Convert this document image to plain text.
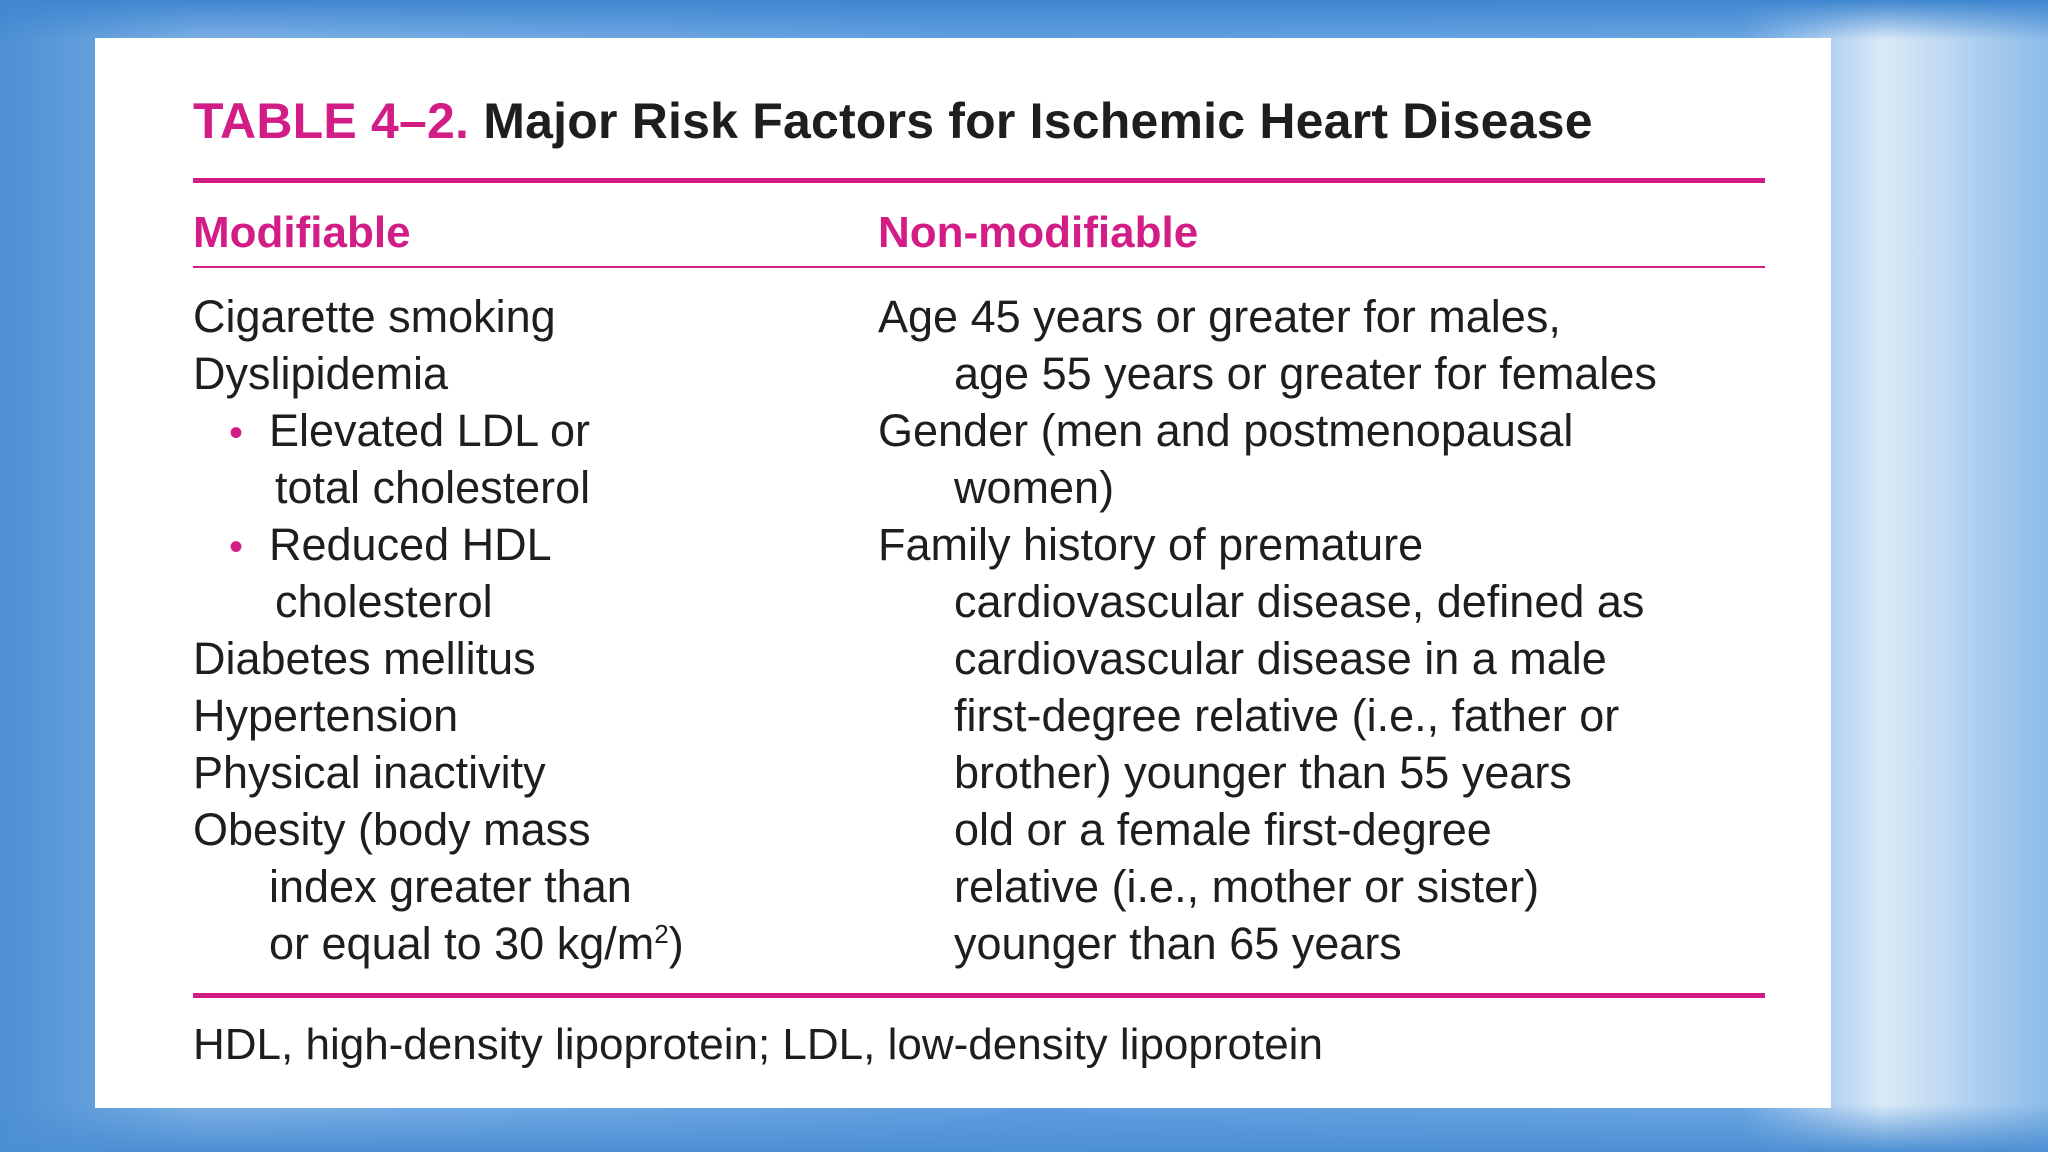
TABLE 4–2. Major Risk Factors for Ischemic Heart Disease
Modifiable	Non-modifiable
Cigarette smoking
Dyslipidemia
• Elevated LDL or
total cholesterol
• Reduced HDL
cholesterol
Diabetes mellitus
Hypertension
Physical inactivity
Obesity (body mass
index greater than
or equal to 30 $kg/m^2$)
Age 45 years or greater for males,
age 55 years or greater for females
Gender (men and postmenopausal
women)
Family history of premature
cardiovascular disease, defined as
cardiovascular disease in a male
first-degree relative (i.e., father or
brother) younger than 55 years
old or a female first-degree
relative (i.e., mother or sister)
younger than 65 years
HDL, high-density lipoprotein; LDL, low-density lipoprotein
